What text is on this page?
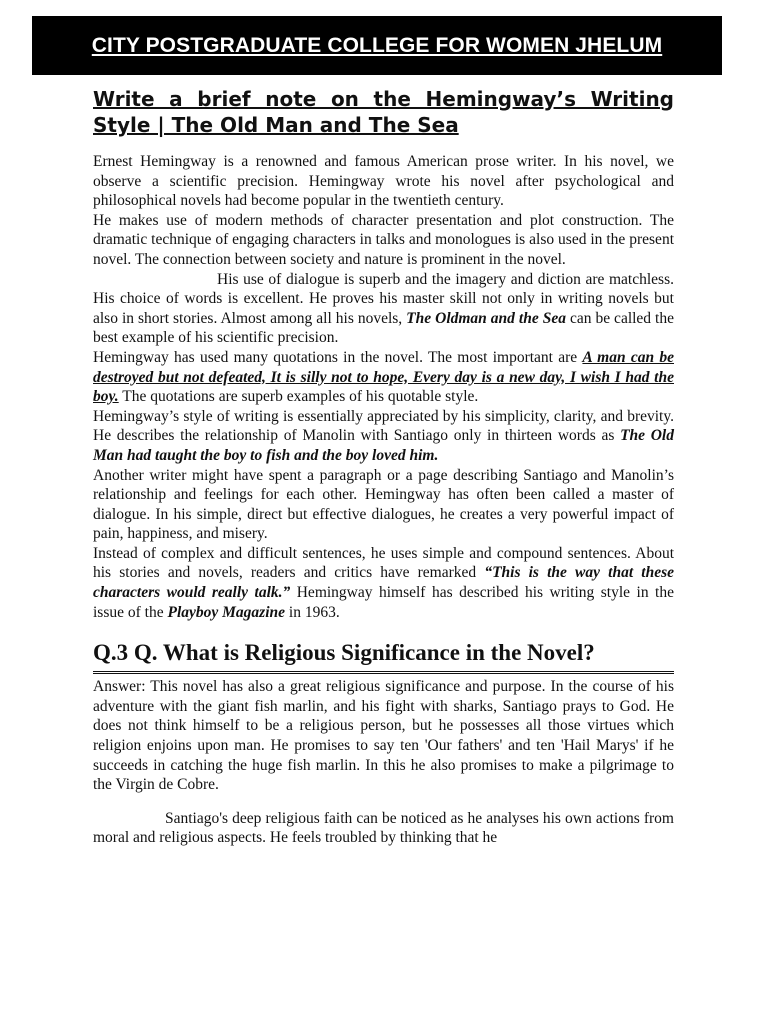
CITY POSTGRADUATE COLLEGE FOR WOMEN JHELUM
Write a brief note on the Hemingway’s Writing Style | The Old Man and The Sea

Ernest Hemingway is a renowned and famous American prose writer. In his novel, we observe a scientific precision. Hemingway wrote his novel after psychological and philosophical novels had become popular in the twentieth century.

He makes use of modern methods of character presentation and plot construction. The dramatic technique of engaging characters in talks and monologues is also used in the present novel. The connection between society and nature is prominent in the novel.

His use of dialogue is superb and the imagery and diction are matchless. His choice of words is excellent. He proves his master skill not only in writing novels but also in short stories. Almost among all his novels, The Oldman and the Sea can be called the best example of his scientific precision.

Hemingway has used many quotations in the novel. The most important are A man can be destroyed but not defeated, It is silly not to hope, Every day is a new day, I wish I had the boy. The quotations are superb examples of his quotable style.

Hemingway’s style of writing is essentially appreciated by his simplicity, clarity, and brevity. He describes the relationship of Manolin with Santiago only in thirteen words as The Old Man had taught the boy to fish and the boy loved him.

Another writer might have spent a paragraph or a page describing Santiago and Manolin’s relationship and feelings for each other. Hemingway has often been called a master of dialogue. In his simple, direct but effective dialogues, he creates a very powerful impact of pain, happiness, and misery.

Instead of complex and difficult sentences, he uses simple and compound sentences. About his stories and novels, readers and critics have remarked “This is the way that these characters would really talk.” Hemingway himself has described his writing style in the issue of the Playboy Magazine in 1963.

Q.3 Q. What is Religious Significance in the Novel?

Answer: This novel has also a great religious significance and purpose. In the course of his adventure with the giant fish marlin, and his fight with sharks, Santiago prays to God. He does not think himself to be a religious person, but he possesses all those virtues which religion enjoins upon man. He promises to say ten 'Our fathers' and ten 'Hail Marys' if he succeeds in catching the huge fish marlin. In this he also promises to make a pilgrimage to the Virgin de Cobre.

Santiago's deep religious faith can be noticed as he analyses his own actions from moral and religious aspects. He feels troubled by thinking that he
